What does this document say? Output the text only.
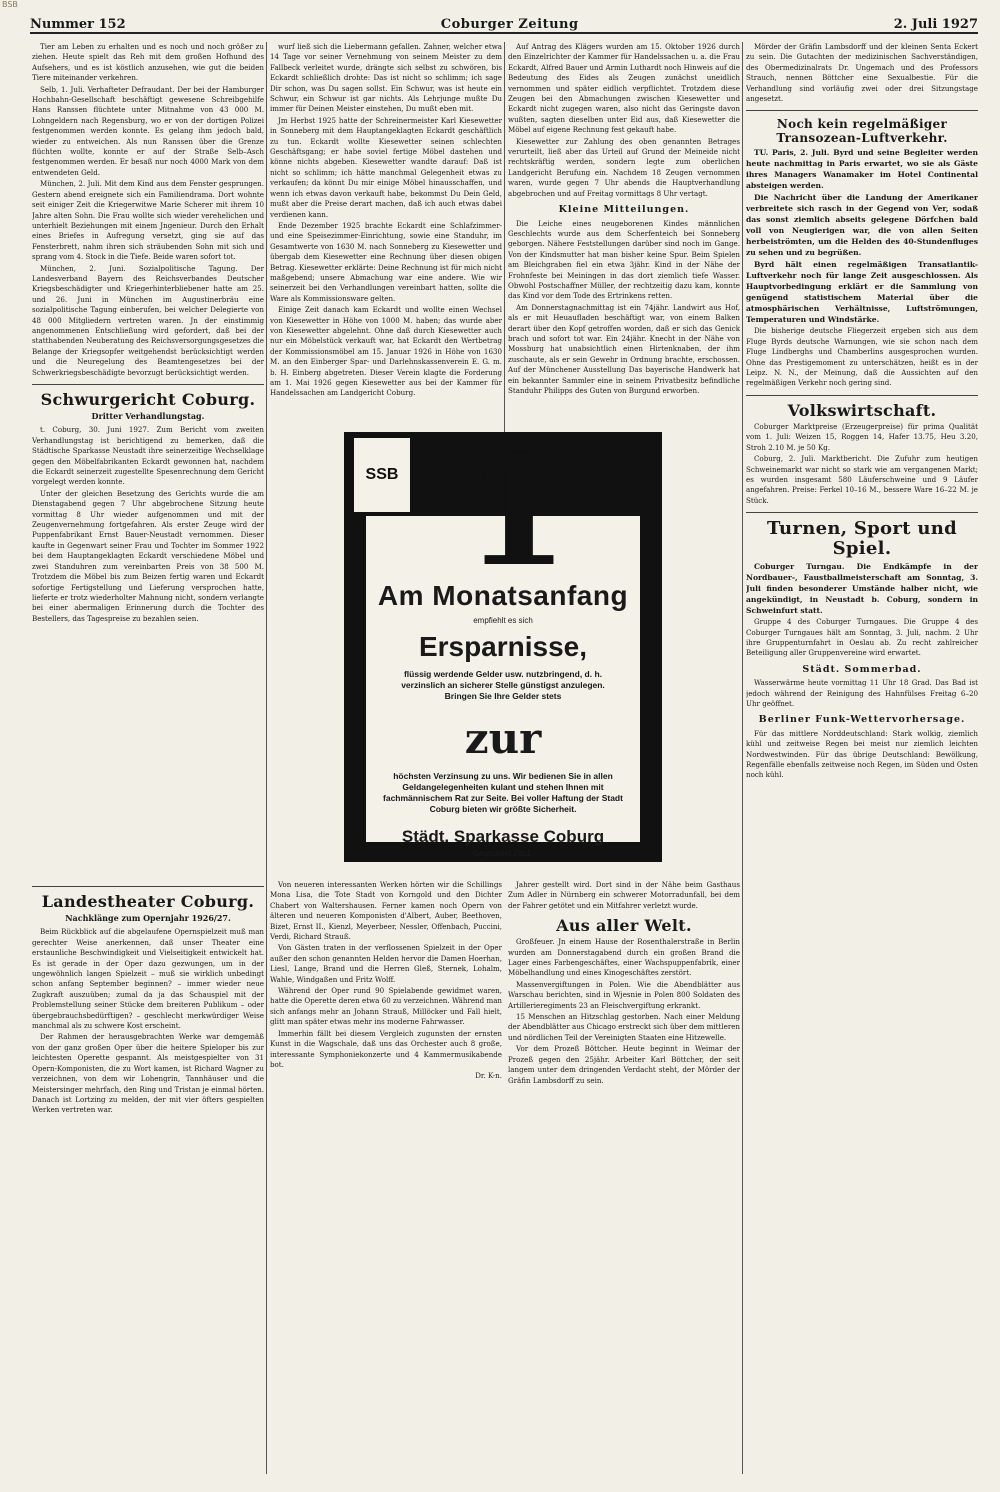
BSB
Nummer 152	Coburger Zeitung	2. Juli 1927

Tier am Leben zu erhalten und es noch und noch größer zu ziehen. Heute spielt das Reh mit dem großen Hofhund des Aufsehers, und es ist köstlich anzusehen, wie gut die beiden Tiere miteinander verkehren.

Selb, 1. Juli. Verhafteter Defraudant. Der bei der Hamburger Hochbahn-Gesellschaft beschäftigt gewesene Schreibgehilfe Hans Ranssen flüchtete unter Mitnahme von 43 000 M. Lohngeldern nach Regensburg, wo er von der dortigen Polizei festgenommen werden konnte. Es gelang ihm jedoch bald, wieder zu entweichen. Als nun Ranssen über die Grenze flüchten wollte, konnte er auf der Straße Selb–Asch festgenommen werden. Er besaß nur noch 4000 Mark von dem entwendeten Geld.

München, 2. Juli. Mit dem Kind aus dem Fenster gesprungen. Gestern abend ereignete sich ein Familiendrama. Dort wohnte seit einiger Zeit die Kriegerwitwe Marie Scherer mit ihrem 10 Jahre alten Sohn. Die Frau wollte sich wieder verehelichen und unterhielt Beziehungen mit einem Jngenieur. Durch den Erhalt eines Briefes in Aufregung versetzt, ging sie auf das Fensterbrett, nahm ihren sich sträubenden Sohn mit sich und sprang vom 4. Stock in die Tiefe. Beide waren sofort tot.

München, 2. Juni. Sozialpolitische Tagung. Der Landesverband Bayern des Reichsverbandes Deutscher Kriegsbeschädigter und Kriegerhinterbliebener hatte am 25. und 26. Juni in München im Augustinerbräu eine sozialpolitische Tagung einberufen, bei welcher Delegierte von 48 000 Mitgliedern vertreten waren. Jn der einstimmig angenommenen Entschließung wird gefordert, daß bei der statthabenden Neuberatung des Reichsversorgungsgesetzes die Belange der Kriegsopfer weitgehendst berücksichtigt werden und die Neuregelung des Beamtengesetzes bei der Schwerkriegsbeschädigte bevorzugt berücksichtigt werden.

Schwurgericht Coburg.
Dritter Verhandlungstag.

t. Coburg, 30. Juni 1927. Zum Bericht vom zweiten Verhandlungstag ist berichtigend zu bemerken, daß die Städtische Sparkasse Neustadt ihre seinerzeitige Wechselklage gegen den Möbelfabrikanten Eckardt gewonnen hat, nachdem die Eckardt seinerzeit zugestellte Spesenrechnung dem Gericht vorgelegt werden konnte.

Unter der gleichen Besetzung des Gerichts wurde die am Dienstagabend gegen 7 Uhr abgebrochene Sitzung heute vormittag 8 Uhr wieder aufgenommen und mit der Zeugenvernehmung fortgefahren. Als erster Zeuge wird der Puppenfabrikant Ernst Bauer-Neustadt vernommen. Dieser kaufte in Gegenwart seiner Frau und Tochter im Sommer 1922 bei dem Hauptangeklagten Eckardt verschiedene Möbel und zwei Standuhren zum vereinbarten Preis von 38 500 M. Trotzdem die Möbel bis zum Beizen fertig waren und Eckardt sofortige Fertigstellung und Lieferung versprochen hatte, lieferte er trotz wiederholter Mahnung nicht, sondern verlangte bei einer abermaligen Erinnerung durch die Tochter des Bestellers, das Tagespreise zu bezahlen seien.

wurf ließ sich die Liebermann gefallen. Zahner, welcher etwa 14 Tage vor seiner Vernehmung von seinem Meister zu dem Fallbeck verleitet wurde, drängte sich selbst zu schwören, bis Eckardt schließlich drohte: Das ist nicht so schlimm; ich sage Dir schon, was Du sagen sollst. Ein Schwur, was ist heute ein Schwur, ein Schwur ist gar nichts. Als Lehrjunge mußte Du immer für Deinen Meister einstehen, Du mußt eben mit.

Jm Herbst 1925 hatte der Schreinermeister Karl Kiesewetter in Sonneberg mit dem Hauptangeklagten Eckardt geschäftlich zu tun. Eckardt wollte Kiesewetter seinen schlechten Geschäftsgang; er habe soviel fertige Möbel dastehen und könne nichts abgeben. Kiesewetter wandte darauf: Daß ist nicht so schlimm; ich hätte manchmal Gelegenheit etwas zu verkaufen; da könnt Du mir einige Möbel hinausschaffen, und wenn ich etwas davon verkauft habe, bekommst Du Dein Geld, mußt aber die Preise derart machen, daß ich auch etwas dabei verdienen kann.

Ende Dezember 1925 brachte Eckardt eine Schlafzimmer- und eine Speisezimmer-Einrichtung, sowie eine Standuhr, im Gesamtwerte von 1630 M. nach Sonneberg zu Kiesewetter und übergab dem Kiesewetter eine Rechnung über diesen obigen Betrag. Kiesewetter erklärte: Deine Rechnung ist für mich nicht maßgebend; unsere Abmachung war eine andere. Wie wir seinerzeit bei den Verhandlungen vereinbart hatten, sollte die Ware als Kommissionsware gelten.

Einige Zeit danach kam Eckardt und wollte einen Wechsel von Kiesewetter in Höhe von 1000 M. haben; das wurde aber von Kiesewetter abgelehnt. Ohne daß durch Kiesewetter auch nur ein Möbelstück verkauft war, hat Eckardt den Wertbetrag der Kommissionsmöbel am 15. Januar 1926 in Höhe von 1630 M. an den Einberger Spar- und Darlehnskassenverein E. G. m. b. H. Einberg abgetreten. Dieser Verein klagte die Forderung am 1. Mai 1926 gegen Kiesewetter aus bei der Kammer für Handelssachen am Landgericht Coburg.

Auf Antrag des Klägers wurden am 15. Oktober 1926 durch den Einzelrichter der Kammer für Handelssachen u. a. die Frau Eckardt, Alfred Bauer und Armin Luthardt noch Hinweis auf die Bedeutung des Eides als Zeugen zunächst uneidlich vernommen und später eidlich verpflichtet. Trotzdem diese Zeugen bei den Abmachungen zwischen Kiesewetter und Eckardt nicht zugegen waren, also nicht das Geringste davon wußten, sagten dieselben unter Eid aus, daß Kiesewetter die Möbel auf eigene Rechnung fest gekauft habe.

Kiesewetter zur Zahlung des oben genannten Betrages verurteilt, ließ aber das Urteil auf Grund der Meineide nicht rechtskräftig werden, sondern legte zum oberlichen Landgericht Berufung ein. Nachdem 18 Zeugen vernommen waren, wurde gegen 7 Uhr abends die Hauptverhandlung abgebrochen und auf Freitag vormittags 8 Uhr vertagt.

Kleine Mitteilungen.

Die Leiche eines neugeborenen Kindes männlichen Geschlechts wurde aus dem Scherfenteich bei Sonneberg geborgen. Nähere Feststellungen darüber sind noch im Gange. Von der Kindsmutter hat man bisher keine Spur. Beim Spielen am Bleichgraben fiel ein etwa 3jähr. Kind in der Nähe der Frohnfeste bei Meiningen in das dort ziemlich tiefe Wasser. Obwohl Postschaffner Müller, der rechtzeitig dazu kam, konnte das Kind vor dem Tode des Ertrinkens retten.

Am Donnerstagnachmittag ist ein 74jähr. Landwirt aus Hof, als er mit Heuaufladen beschäftigt war, von einem Balken derart über den Kopf getroffen worden, daß er sich das Genick brach und sofort tot war. Ein 24jähr. Knecht in der Nähe von Mossburg hat unabsichtlich einen Hirtenknaben, der ihm zuschaute, als er sein Gewehr in Ordnung brachte, erschossen. Auf der Münchener Ausstellung Das bayerische Handwerk hat ein bekannter Sammler eine in seinem Privatbesitz befindliche Standuhr Philipps des Guten von Burgund erworben.

Mörder der Gräfin Lambsdorff und der kleinen Senta Eckert zu sein. Die Gutachten der medizinischen Sachverständigen, des Obermedizinalrats Dr. Ungemach und des Professors Strauch, nennen Böttcher eine Sexualbestie. Für die Verhandlung sind vorläufig zwei oder drei Sitzungstage angesetzt.

Noch kein regelmäßiger Transozean-Luftverkehr.

TU. Paris, 2. Juli. Byrd und seine Begleiter werden heute nachmittag in Paris erwartet, wo sie als Gäste ihres Managers Wanamaker im Hotel Continental absteigen werden.

Die Nachricht über die Landung der Amerikaner verbreitete sich rasch in der Gegend von Ver, sodaß das sonst ziemlich abseits gelegene Dörfchen bald voll von Neugierigen war, die von allen Seiten herbeiströmten, um die Helden des 40-Stundenfluges zu sehen und zu begrüßen.

Byrd hält einen regelmäßigen Transatlantik-Luftverkehr noch für lange Zeit ausgeschlossen. Als Hauptvorbedingung erklärt er die Sammlung von genügend statistischem Material über die atmosphärischen Verhältnisse, Luftströmungen, Temperaturen und Windstärke.

Die bisherige deutsche Fliegerzeit ergeben sich aus dem Fluge Byrds deutsche Warnungen, wie sie schon nach dem Fluge Lindberghs und Chamberlins ausgesprochen wurden. Ohne das Prestigemoment zu unterschätzen, heißt es in der Leipz. N. N., der Meinung, daß die Aussichten auf den regelmäßigen Verkehr noch gering sind.

Volkswirtschaft.

Coburger Marktpreise (Erzeugerpreise) für prima Qualität vom 1. Juli: Weizen 15, Roggen 14, Hafer 13.75, Heu 3.20, Stroh 2.10 M. je 50 Kg.

Coburg, 2. Juli. Marktbericht. Die Zufuhr zum heutigen Schweinemarkt war nicht so stark wie am vergangenen Markt; es wurden insgesamt 580 Läuferschweine und 9 Läufer angefahren. Preise: Ferkel 10–16 M., bessere Ware 16–22 M. je Stück.

Turnen, Sport und Spiel.

Coburger Turngau. Die Endkämpfe in der Nordbauer-, Faustballmeisterschaft am Sonntag, 3. Juli finden besonderer Umstände halber nicht, wie angekündigt, in Neustadt b. Coburg, sondern in Schweinfurt statt.

Gruppe 4 des Coburger Turngaues. Die Gruppe 4 des Coburger Turngaues hält am Sonntag, 3. Juli, nachm. 2 Uhr ihre Gruppenturnfahrt in Oeslau ab. Zu recht zahlreicher Beteiligung aller Gruppenvereine wird erwartet.

Städt. Sommerbad.

Wasserwärme heute vormittag 11 Uhr 18 Grad. Das Bad ist jedoch während der Reinigung des Hahnfülses Freitag 6–20 Uhr geöffnet.

Berliner Funk-Wettervorhersage.

Für das mittlere Norddeutschland: Stark wolkig, ziemlich kühl und zeitweise Regen bei meist nur ziemlich leichten Nordwestwinden. Für das übrige Deutschland: Bewölkung, Regenfälle ebenfalls zeitweise noch Regen, im Süden und Osten noch kühl.

SSB 1
Am Monatsanfang
empfiehlt es sich
Ersparnisse,
flüssig werdende Gelder usw. nutzbringend, d. h. verzinslich an sicherer Stelle günstigst anzulegen. Bringen Sie Ihre Gelder stets
zur
höchsten Verzinsung zu uns. Wir bedienen Sie in allen Geldangelegenheiten kulant und stehen Ihnen mit fachmännischem Rat zur Seite. Bei voller Haftung der Stadt Coburg bieten wir größte Sicherheit.
Städt. Sparkasse Coburg
Gegründet 1821.
Landestheater Coburg.
Nachklänge zum Opernjahr 1926/27.

Beim Rückblick auf die abgelaufene Opernspielzeit muß man gerechter Weise anerkennen, daß unser Theater eine erstaunliche Beschwindigkeit und Vielseitigkeit entwickelt hat. Es ist gerade in der Oper dazu gezwungen, um in der ungewöhnlich langen Spielzeit – muß sie wirklich unbedingt schon anfang September beginnen? – immer wieder neue Zugkraft auszuüben; zumal da ja das Schauspiel mit der Problemstellung seiner Stücke dem breiteren Publikum – oder übergebrauchsbedürftigen? – geschlecht merkwürdiger Weise manchmal als zu schwere Kost erscheint.

Der Rahmen der herausgebrachten Werke war demgemäß von der ganz großen Oper über die heitere Spieloper bis zur leichtesten Operette gespannt. Als meistgespielter von 31 Opern-Komponisten, die zu Wort kamen, ist Richard Wagner zu verzeichnen, von dem wir Lohengrin, Tannhäuser und die Meistersinger mehrfach, den Ring und Tristan je einmal hörten. Danach ist Lortzing zu melden, der mit vier öfters gespielten Werken vertreten war.

Von neueren interessanten Werken hörten wir die Schillings Mona Lisa, die Tote Stadt von Korngold und den Dichter Chabert von Waltershausen. Ferner kamen noch Opern von älteren und neueren Komponisten d'Albert, Auber, Beethoven, Bizet, Ernst II., Kienzl, Meyerbeer, Nessler, Offenbach, Puccini, Verdi, Richard Strauß.

Von Gästen traten in der verflossenen Spielzeit in der Oper außer den schon genannten Helden hervor die Damen Hoerhan, Liesl, Lange, Brand und die Herren Gleß, Sternek, Lohalm, Wahle, Windgaßen und Fritz Wolff.

Während der Oper rund 90 Spielabende gewidmet waren, hatte die Operette deren etwa 60 zu verzeichnen. Während man sich anfangs mehr an Johann Strauß, Millöcker und Fall hielt, glitt man später etwas mehr ins moderne Fahrwasser.

Immerhin fällt bei diesem Vergleich zugunsten der ernsten Kunst in die Wagschale, daß uns das Orchester auch 8 große, interessante Symphoniekonzerte und 4 Kammermusikabende bot.

Dr. K-n.

Jahrer gestellt wird. Dort sind in der Nähe beim Gasthaus Zum Adler in Nürnberg ein schwerer Motorradunfall, bei dem der Fahrer getötet und ein Mitfahrer verletzt wurde.

Aus aller Welt.

Großfeuer. Jn einem Hause der Rosenthalerstraße in Berlin wurden am Donnerstagabend durch ein großen Brand die Lager eines Farbengeschäftes, einer Wachspuppenfabrik, einer Möbelhandlung und eines Kinogeschäftes zerstört.

Massenvergiftungen in Polen. Wie die Abendblätter aus Warschau berichten, sind in Wjesnie in Polen 800 Soldaten des Artillerieregiments 23 an Fleischvergiftung erkrankt.

15 Menschen an Hitzschlag gestorben. Nach einer Meldung der Abendblätter aus Chicago erstreckt sich über dem mittleren und nördlichen Teil der Vereinigten Staaten eine Hitzewelle.

Vor dem Prozeß Böttcher. Heute beginnt in Weimar der Prozeß gegen den 25jähr. Arbeiter Karl Böttcher, der seit langem unter dem dringenden Verdacht steht, der Mörder der Gräfin Lambsdorff zu sein.
